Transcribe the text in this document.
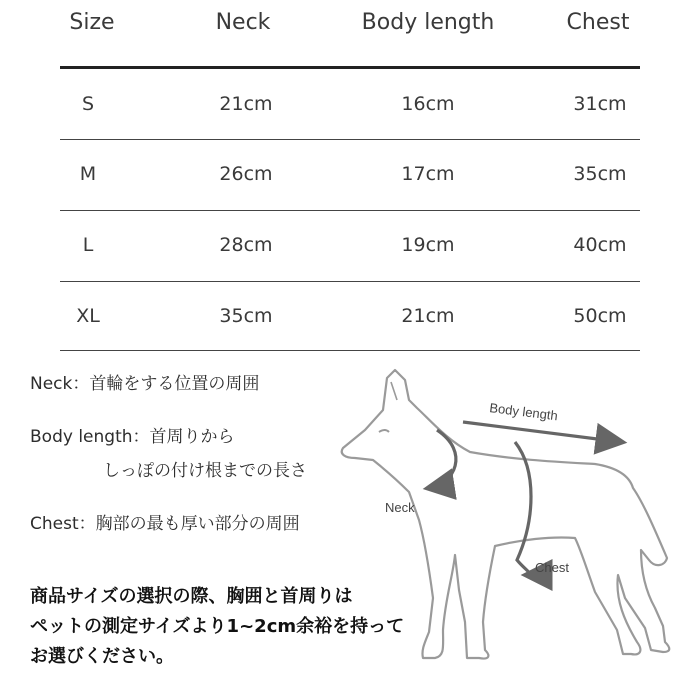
Size	Neck	Body length	Chest
S	21cm	16cm	31cm
M	26cm	17cm	35cm
L	28cm	19cm	40cm
XL	35cm	21cm	50cm
Neck：首輪をする位置の周囲
Body length：首周りから
しっぽの付け根までの長さ
Chest：胸部の最も厚い部分の周囲
商品サイズの選択の際、胸囲と首周りは
ペットの測定サイズより1~2cm余裕を持って
お選びください。
Body length
Neck
Chest
